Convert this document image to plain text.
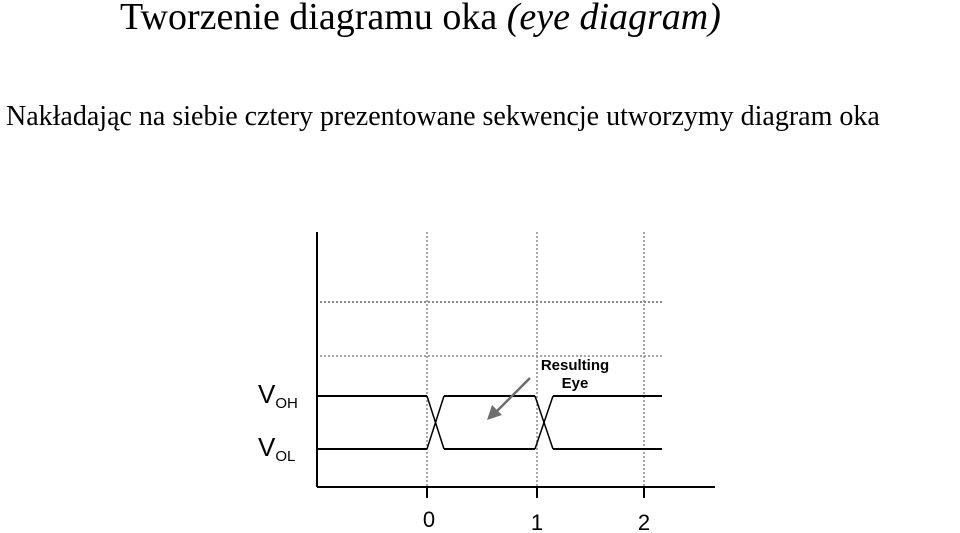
Tworzenie diagramu oka (eye diagram)

Nakładając na siebie cztery prezentowane sekwencje utworzymy diagram oka

0	1	2
VOH
VOL
Resulting
Eye
